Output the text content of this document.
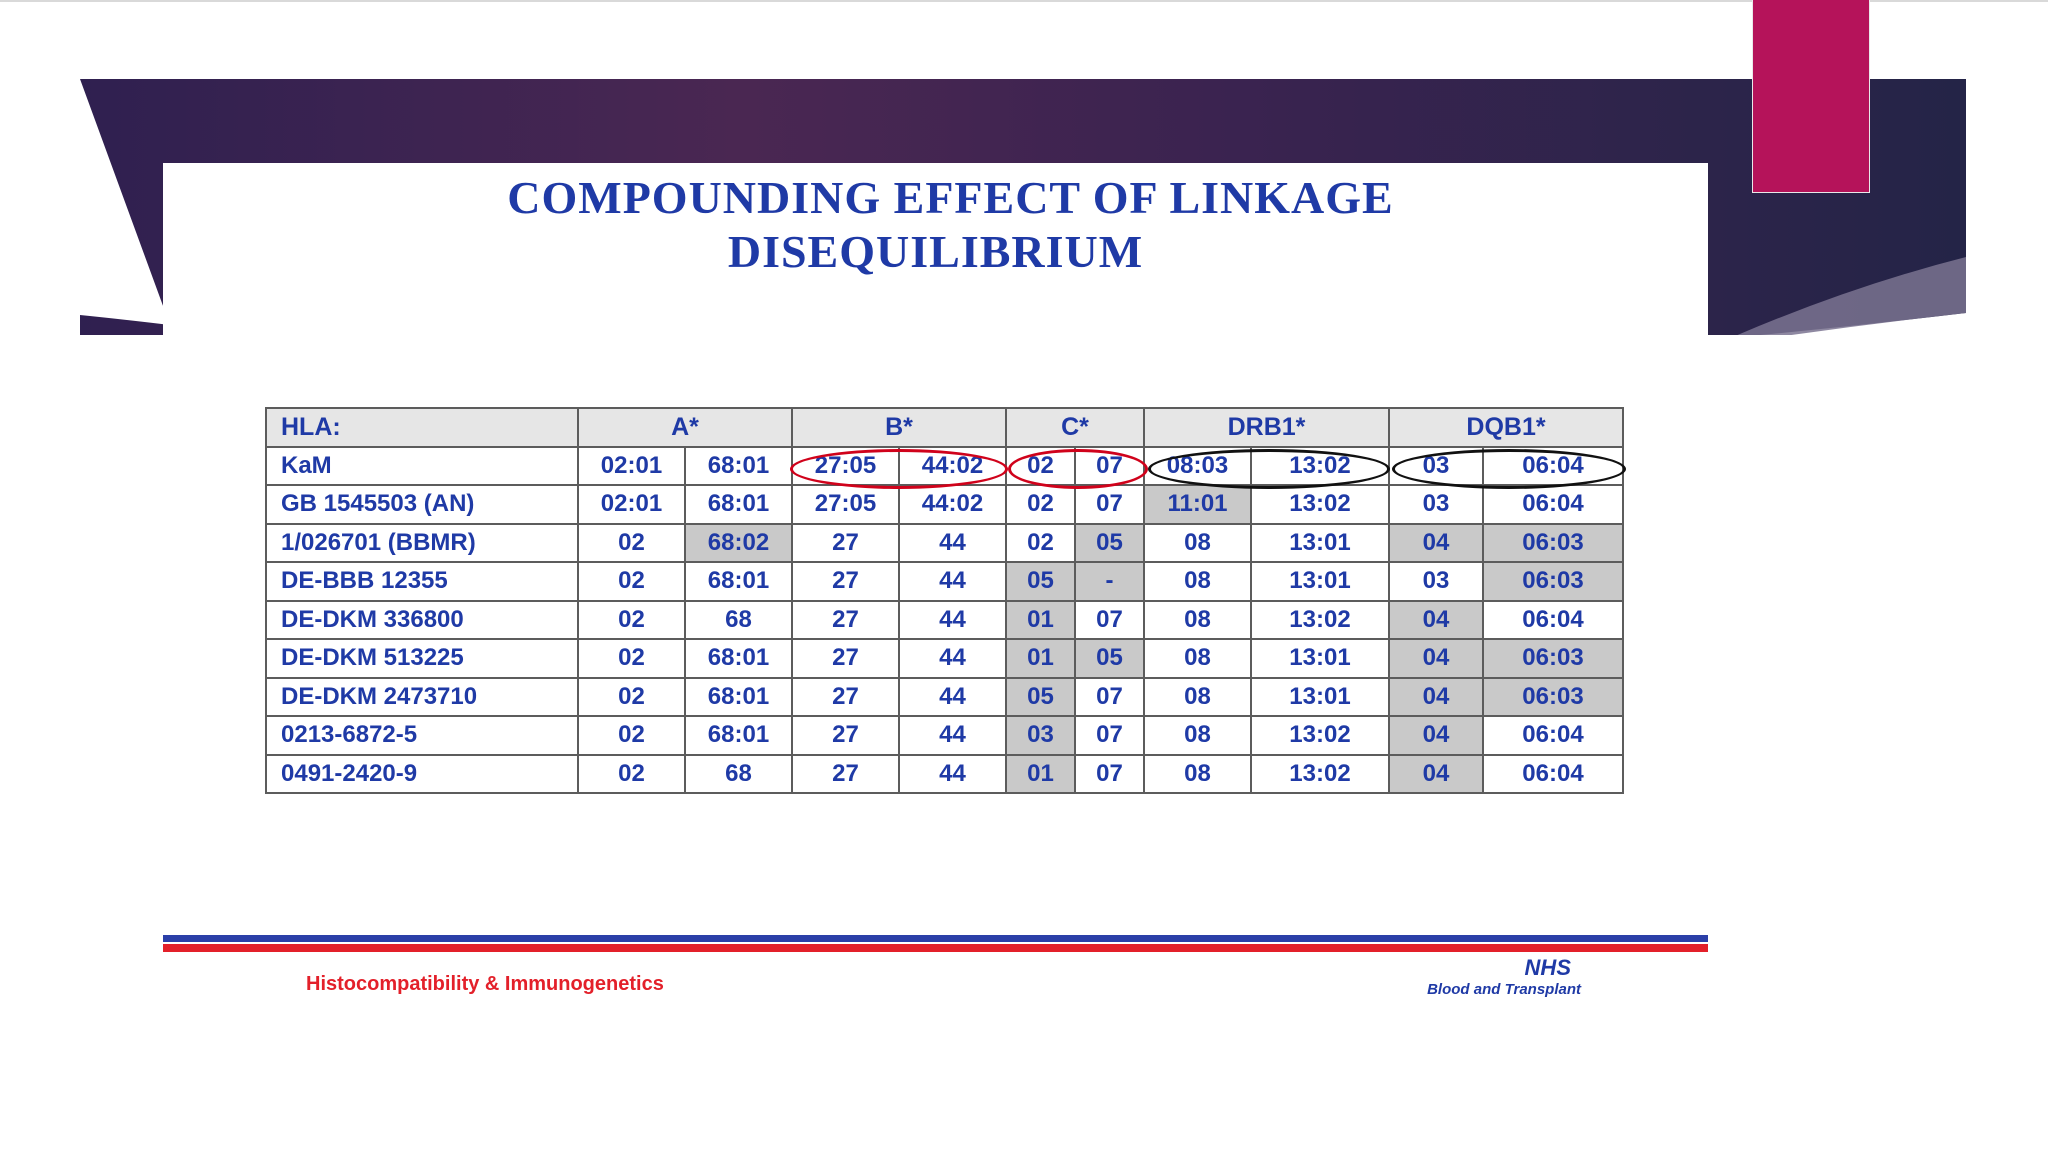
COMPOUNDING EFFECT OF LINKAGE
DISEQUILIBRIUM
HLA:	A*		B*		C*		DRB1*		DQB1*	
KaM	02:01	68:01	27:05	44:02	02	07	08:03	13:02	03	06:04
GB 1545503 (AN)	02:01	68:01	27:05	44:02	02	07	11:01	13:02	03	06:04
1/026701 (BBMR)	02	68:02	27	44	02	05	08	13:01	04	06:03
DE-BBB 12355	02	68:01	27	44	05	-	08	13:01	03	06:03
DE-DKM 336800	02	68	27	44	01	07	08	13:02	04	06:04
DE-DKM 513225	02	68:01	27	44	01	05	08	13:01	04	06:03
DE-DKM 2473710	02	68:01	27	44	05	07	08	13:01	04	06:03
0213-6872-5	02	68:01	27	44	03	07	08	13:02	04	06:04
0491-2420-9	02	68	27	44	01	07	08	13:02	04	06:04
Histocompatibility & Immunogenetics
NHS
Blood and Transplant
